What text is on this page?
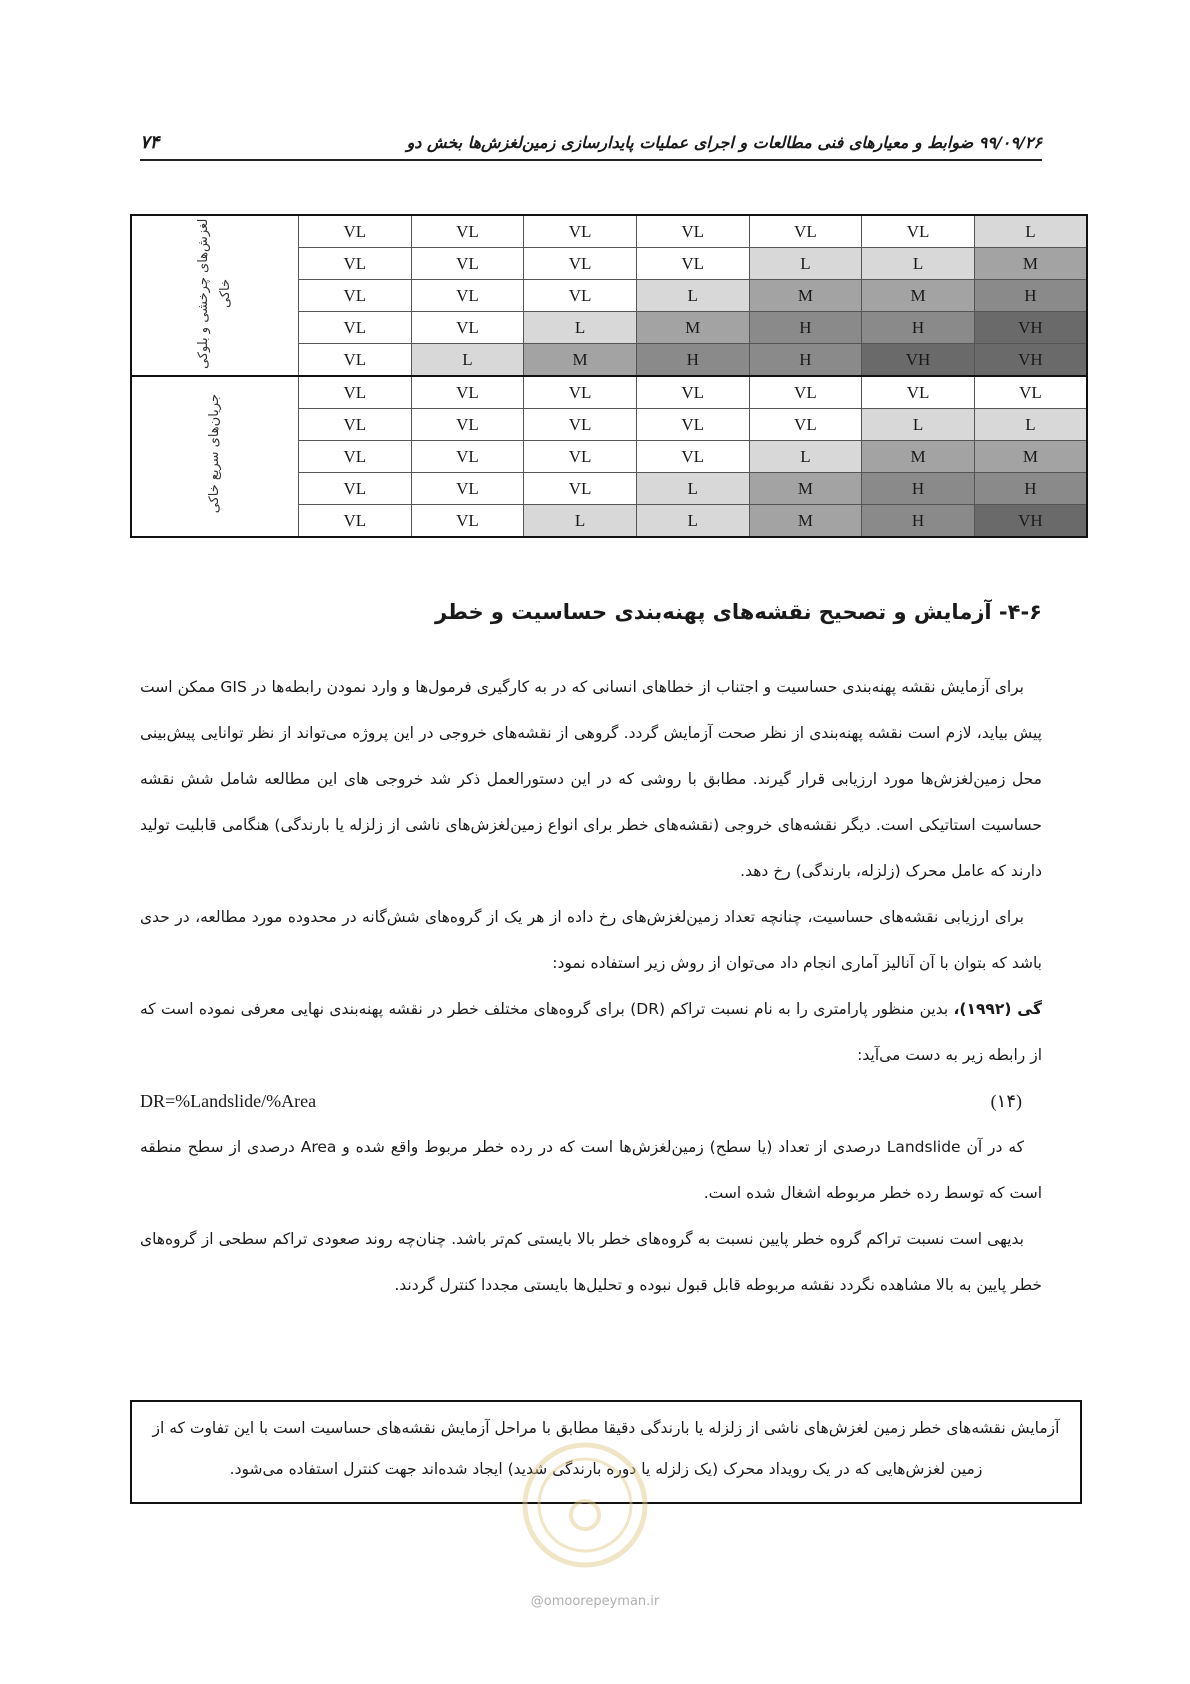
۷۴	۹۹/۰۹/۲۶ ضوابط و معیارهای فنی مطالعات و اجرای عملیات پایدارسازی زمین‌لغزش‌ها بخش دو
لغزش‌های چرخشی و بلوکی خاکی	VL	VL	VL	VL	VL	VL	L
	VL	VL	VL	VL	L	L	M
	VL	VL	VL	L	M	M	H
	VL	VL	L	M	H	H	VH
	VL	L	M	H	H	VH	VH
جریان‌های سریع خاکی	VL	VL	VL	VL	VL	VL	VL
	VL	VL	VL	VL	VL	L	L
	VL	VL	VL	VL	L	M	M
	VL	VL	VL	L	M	H	H
	VL	VL	L	L	M	H	VH
۴-۶- آزمایش و تصحیح نقشه‌های پهنه‌بندی حساسیت و خطر

برای آزمایش نقشه پهنه‌بندی حساسیت و اجتناب از خطاهای انسانی که در به کارگیری فرمول‌ها و وارد نمودن رابطه‌ها در GIS ممکن است پیش بیاید، لازم است نقشه پهنه‌بندی از نظر صحت آزمایش گردد. گروهی از نقشه‌های خروجی در این پروژه می‌تواند از نظر توانایی پیش‌بینی محل زمین‌لغزش‌ها مورد ارزیابی قرار گیرند. مطابق با روشی که در این دستورالعمل ذکر شد خروجی های این مطالعه شامل شش نقشه حساسیت استاتیکی است. دیگر نقشه‌های خروجی (نقشه‌های خطر برای انواع زمین‌لغزش‌های ناشی از زلزله یا بارندگی) هنگامی قابلیت تولید دارند که عامل محرک (زلزله، بارندگی) رخ دهد.

برای ارزیابی نقشه‌های حساسیت، چنانچه تعداد زمین‌لغزش‌های رخ داده از هر یک از گروه‌های شش‌گانه در محدوده مورد مطالعه، در حدی باشد که بتوان با آن آنالیز آماری انجام داد می‌توان از روش زیر استفاده نمود:

گی (۱۹۹۲)، بدین منظور پارامتری را به نام نسبت تراکم (DR) برای گروه‌های مختلف خطر در نقشه پهنه‌بندی نهایی معرفی نموده است که از رابطه زیر به دست می‌آید:

DR=%Landslide/%Area	(۱۴)

که در آن Landslide درصدی از تعداد (یا سطح) زمین‌لغزش‌ها است که در رده خطر مربوط واقع شده و Area درصدی از سطح منطقه است که توسط رده خطر مربوطه اشغال شده است.

بدیهی است نسبت تراکم گروه خطر پایین نسبت به گروه‌های خطر بالا بایستی کم‌تر باشد. چنان‌چه روند صعودی تراکم سطحی از گروه‌های خطر پایین به بالا مشاهده نگردد نقشه مربوطه قابل قبول نبوده و تحلیل‌ها بایستی مجددا کنترل گردند.

آزمایش نقشه‌های خطر زمین لغزش‌های ناشی از زلزله یا بارندگی دقیقا مطابق با مراحل آزمایش نقشه‌های حساسیت است با این تفاوت که از زمین لغزش‌هایی که در یک رویداد محرک (یک زلزله یا دوره بارندگی شدید) ایجاد شده‌اند جهت کنترل استفاده می‌شود.
@omoorepeyman.ir
